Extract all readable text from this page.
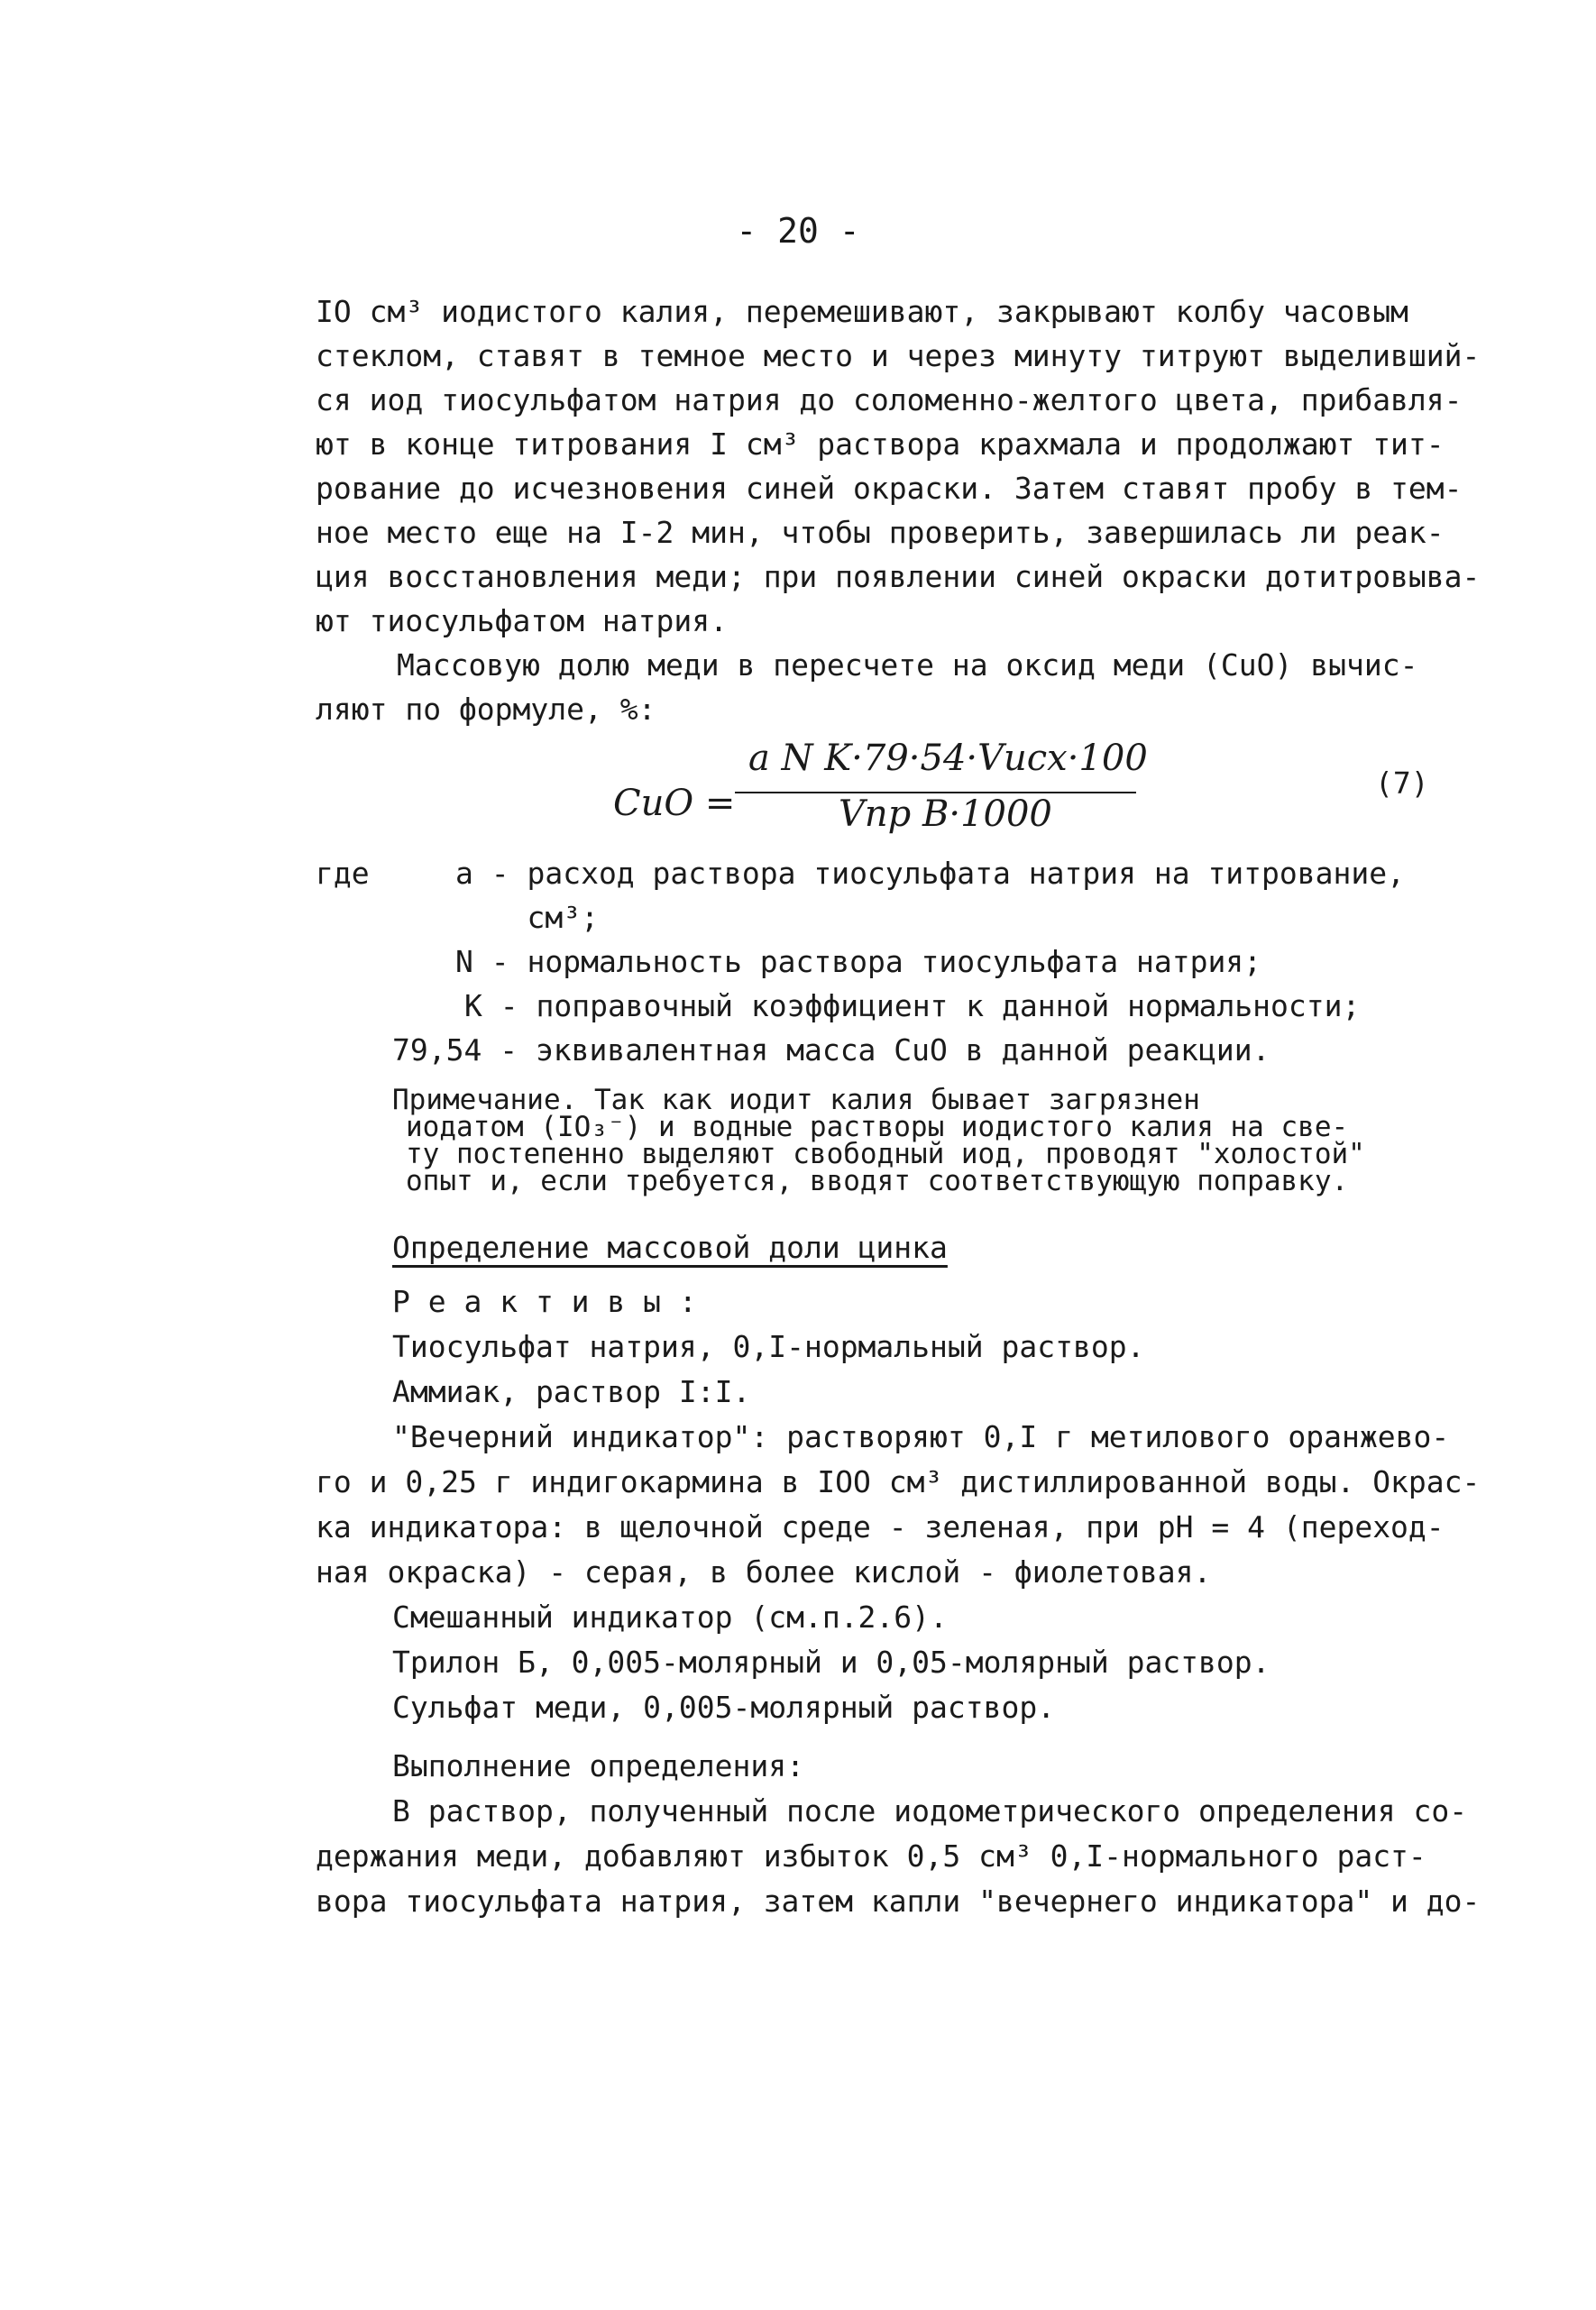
- 20 -

IO см³ иодистого калия, перемешивают, закрывают колбу часовым

стеклом, ставят в темное место и через минуту титруют выделивший-

ся иод тиосульфатом натрия до соломенно-желтого цвета, прибавля-

ют в конце титрования I см³ раствора крахмала и продолжают тит-

рование до исчезновения синей окраски. Затем ставят пробу в тем-

ное место еще на I-2 мин, чтобы проверить, завершилась ли реак-

ция восстановления меди; при появлении синей окраски дотитровыва-

ют тиосульфатом натрия.

Массовую долю меди в пересчете на оксид меди (CuO) вычис-

ляют по формуле, %:

CuO =
a N K·79·54·Vисх·100
Vпр B·1000
(7)

где	a - расход раствора тиосульфата натрия на титрование,

см³;

N - нормальность раствора тиосульфата натрия;

K - поправочный коэффициент к данной нормальности;

79,54 - эквивалентная масса CuO в данной реакции.

Примечание. Так как иодит калия бывает загрязнен

иодатом (IO₃⁻) и водные растворы иодистого калия на све-

ту постепенно выделяют свободный иод, проводят "холостой"

опыт и, если требуется, вводят соответствующую поправку.

Определение массовой доли цинка

Р е а к т и в ы :

Тиосульфат натрия, 0,I-нормальный раствор.

Аммиак, раствор I:I.

"Вечерний индикатор": растворяют 0,I г метилового оранжево-

го и 0,25 г индигокармина в IOO см³ дистиллированной воды. Окрас-

ка индикатора: в щелочной среде - зеленая, при pH = 4 (переход-

ная окраска) - серая, в более кислой - фиолетовая.

Смешанный индикатор (см.п.2.6).

Трилон Б, 0,005-молярный и 0,05-молярный раствор.

Сульфат меди, 0,005-молярный раствор.

Выполнение определения:

В раствор, полученный после иодометрического определения со-

держания меди, добавляют избыток 0,5 см³ 0,I-нормального раст-

вора тиосульфата натрия, затем капли "вечернего индикатора" и до-
